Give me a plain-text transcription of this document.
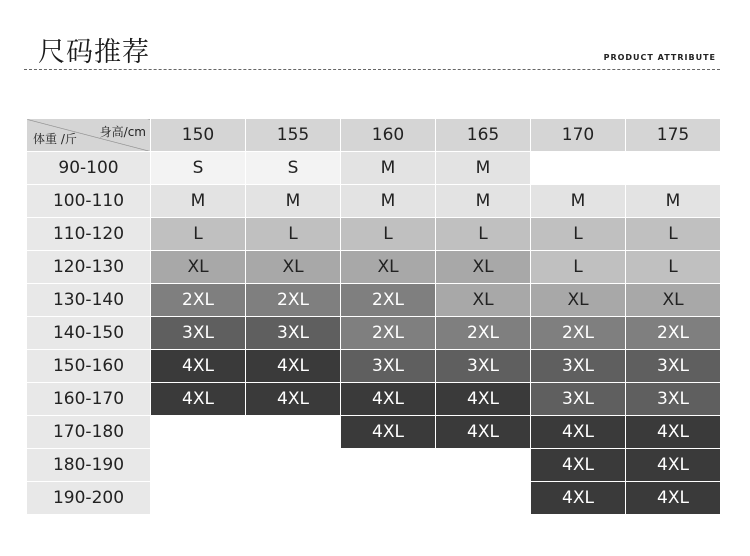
尺码推荐	PRODUCT ATTRIBUTE
身高/cm
体重 /斤	150	155	160	165	170	175
90-100	S	S	M	M		
100-110	M	M	M	M	M	M
110-120	L	L	L	L	L	L
120-130	XL	XL	XL	XL	L	L
130-140	2XL	2XL	2XL	XL	XL	XL
140-150	3XL	3XL	2XL	2XL	2XL	2XL
150-160	4XL	4XL	3XL	3XL	3XL	3XL
160-170	4XL	4XL	4XL	4XL	3XL	3XL
170-180			4XL	4XL	4XL	4XL
180-190					4XL	4XL
190-200					4XL	4XL
